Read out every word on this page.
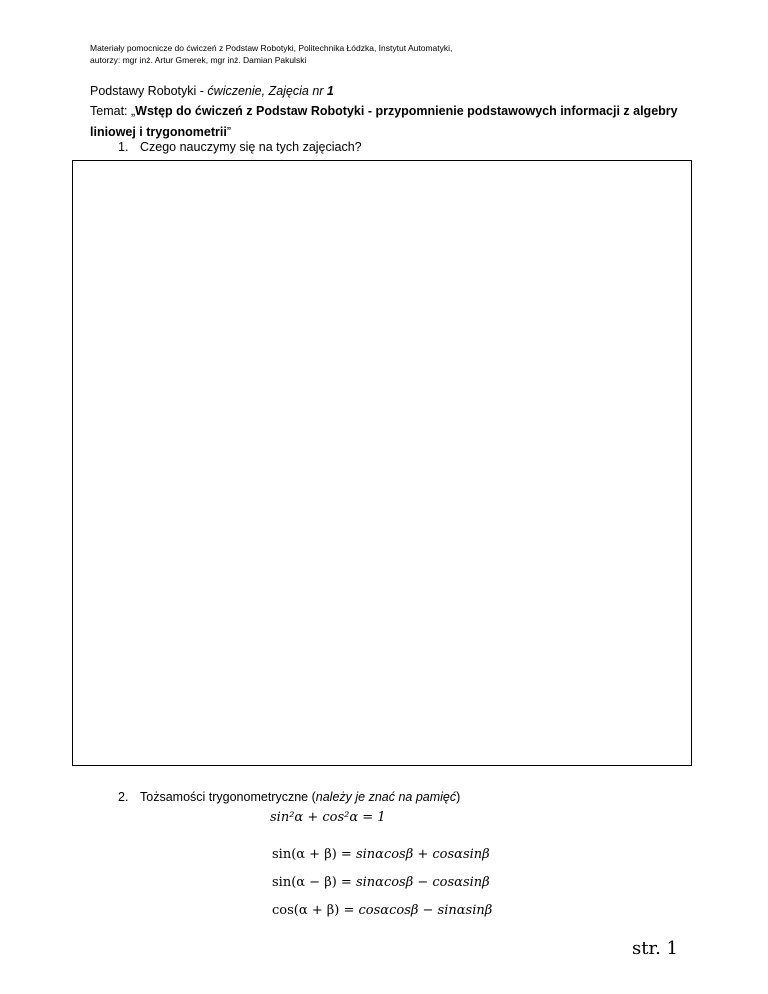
Materiały pomocnicze do ćwiczeń z Podstaw Robotyki, Politechnika Łódzka, Instytut Automatyki,
autorzy: mgr inż. Artur Gmerek, mgr inż. Damian Pakulski
Podstawy Robotyki - ćwiczenie, Zajęcia nr 1
Temat: „Wstęp do ćwiczeń z Podstaw Robotyki - przypomnienie podstawowych informacji z algebry liniowej i trygonometrii”
1. Czego nauczymy się na tych zajęciach?
2. Tożsamości trygonometryczne (należy je znać na pamięć)
sin²α + cos²α = 1
sin(α + β) = sinαcosβ + cosαsinβ
sin(α − β) = sinαcosβ − cosαsinβ
cos(α + β) = cosαcosβ − sinαsinβ
str. 1
